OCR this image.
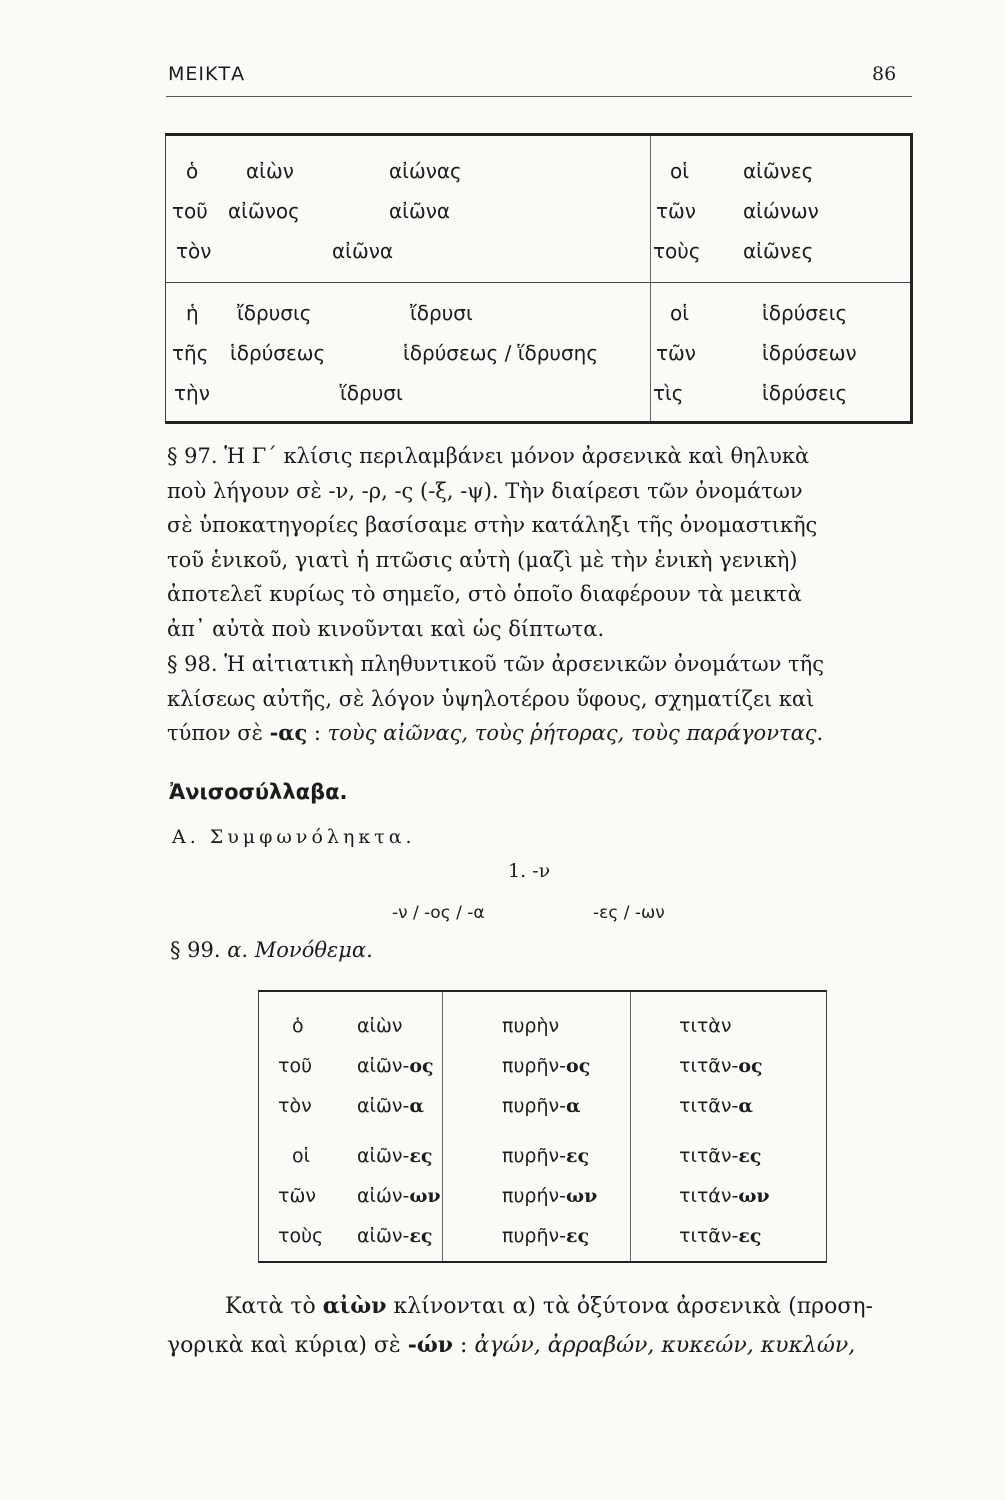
ΜΕΙΚΤΑ	86
ὁ αἰὼν	αἰώνας	οἱ	αἰῶνες
τοῦ αἰῶνος	αἰῶνα	τῶν αἰώνων
τὸν	αἰῶνα	τοὺς αἰῶνες
ἡ ἴδρυσις	ἴδρυσι	οἱ	ἱδρύσεις
τῆς ἱδρύσεως	ἱδρύσεως / ἵδρυσης	τῶν	ἱδρύσεων
τὴν	ἵδρυσι	τὶς	ἱδρύσεις
§ 97. Ἡ Γ΄ κλίσις περιλαμβάνει μόνον ἀρσενικὰ καὶ θηλυκὰ
ποὺ λήγουν σὲ -ν, -ρ, -ς (-ξ, -ψ). Τὴν διαίρεσι τῶν ὀνομάτων
σὲ ὑποκατηγορίες βασίσαμε στὴν κατάληξι τῆς ὀνομαστικῆς
τοῦ ἑνικοῦ, γιατὶ ἡ πτῶσις αὐτὴ (μαζὶ μὲ τὴν ἑνικὴ γενικὴ)
ἀποτελεῖ κυρίως τὸ σημεῖο, στὸ ὁποῖο διαφέρουν τὰ μεικτὰ
ἀπ᾽ αὐτὰ ποὺ κινοῦνται καὶ ὡς δίπτωτα.
§ 98. Ἡ αἰτιατικὴ πληθυντικοῦ τῶν ἀρσενικῶν ὀνομάτων τῆς
κλίσεως αὐτῆς, σὲ λόγον ὑψηλοτέρου ὕφους, σχηματίζει καὶ
τύπον σὲ -ας : τοὺς αἰῶνας, τοὺς ῥήτορας, τοὺς παράγοντας.
Ἀνισοσύλλαβα.
Α. Συμφωνόληκτα.
1. -ν
-ν / -ος / -α	-ες / -ων
§ 99. α. Μονόθεμα.
ὁ	αἰὼν	πυρὴν	τιτὰν
τοῦ αἰῶν-ος	πυρῆν-ος	τιτᾶν-ος
τὸν αἰῶν-α	πυρῆν-α	τιτᾶν-α
οἱ αἰῶν-ες	πυρῆν-ες	τιτᾶν-ες
τῶν αἰών-ων	πυρήν-ων	τιτάν-ων
τοὺς αἰῶν-ες	πυρῆν-ες	τιτᾶν-ες
Κατὰ τὸ αἰὼν κλίνονται α) τὰ ὀξύτονα ἀρσενικὰ (προση-
γορικὰ καὶ κύρια) σὲ -ών : ἀγών, ἀρραβών, κυκεών, κυκλών,
